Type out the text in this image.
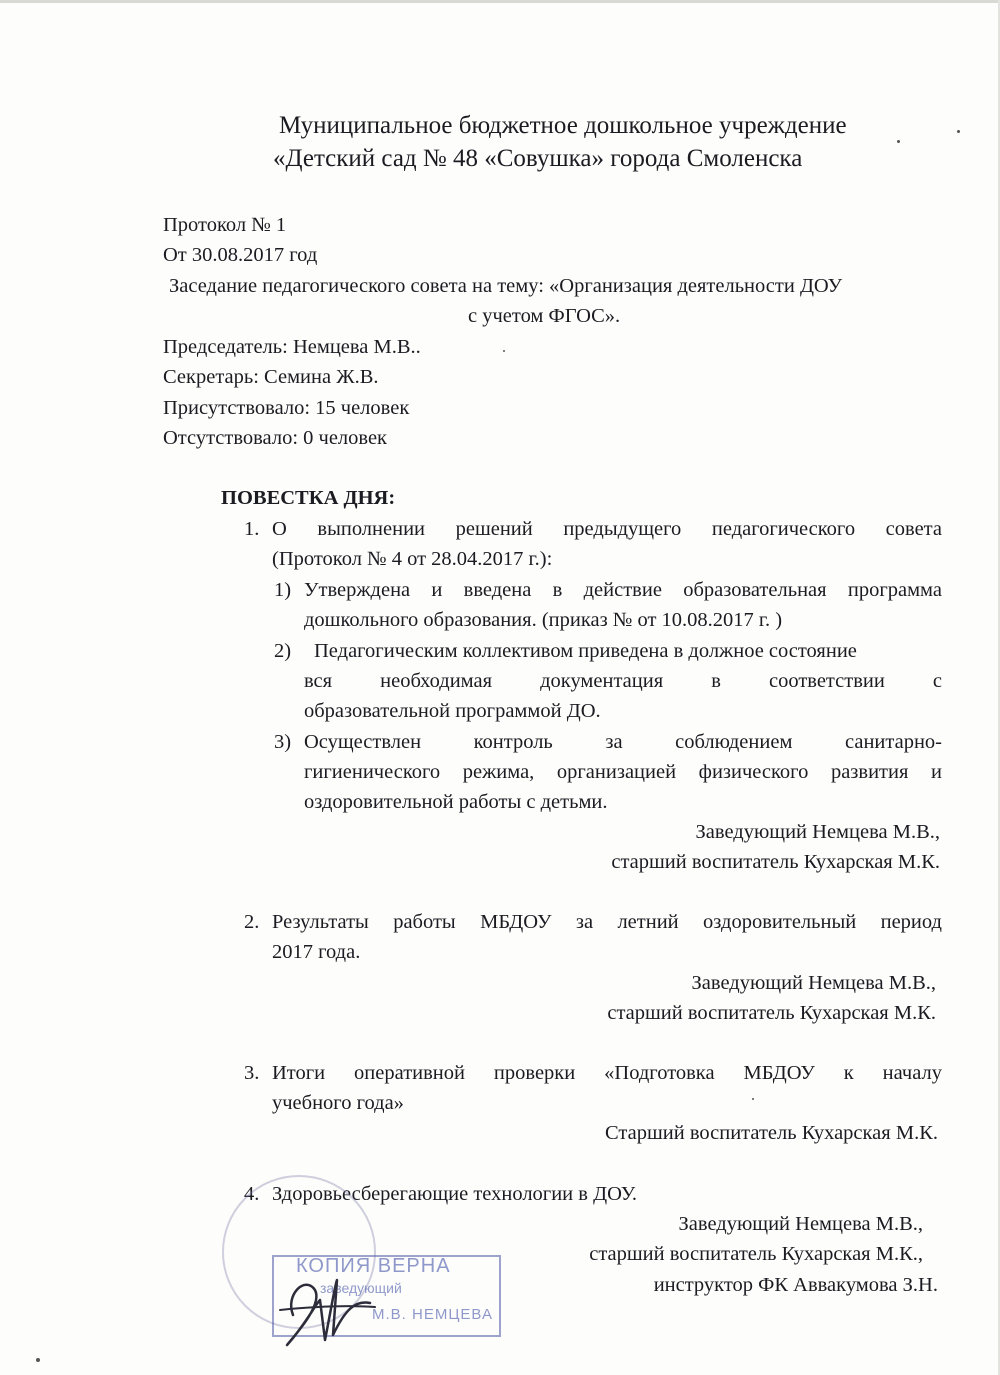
Муниципальное бюджетное дошкольное учреждение
«Детский сад № 48 «Совушка» города Смоленска
Протокол № 1
От 30.08.2017 год
Заседание педагогического совета на тему: «Организация деятельности ДОУ
с учетом ФГОС».
Председатель: Немцева М.В..
Секретарь: Семина Ж.В.
Присутствовало: 15 человек
Отсутствовало: 0 человек
ПОВЕСТКА ДНЯ:
1. О выполнении решений предыдущего педагогического совета
(Протокол № 4 от 28.04.2017 г.):
1) Утверждена и введена в действие образовательная программа
дошкольного образования. (приказ № от 10.08.2017 г. )
2) Педагогическим коллективом приведена в должное состояние
вся необходимая документация в соответствии с
образовательной программой ДО.
3) Осуществлен контроль за соблюдением санитарно-
гигиенического режима, организацией физического развития и
оздоровительной работы с детьми.
Заведующий Немцева М.В.,
старший воспитатель Кухарская М.К.
2. Результаты работы МБДОУ за летний оздоровительный период
2017 года.
Заведующий Немцева М.В.,
старший воспитатель Кухарская М.К.
3. Итоги оперативной проверки «Подготовка МБДОУ к началу
учебного года»
Старший воспитатель Кухарская М.К.
4. Здоровьесберегающие технологии в ДОУ.
Заведующий Немцева М.В.,
старший воспитатель Кухарская М.К.,
инструктор ФК Аввакумова З.Н.
КОПИЯ ВЕРНА
заведующий
М.В. НЕМЦЕВА
